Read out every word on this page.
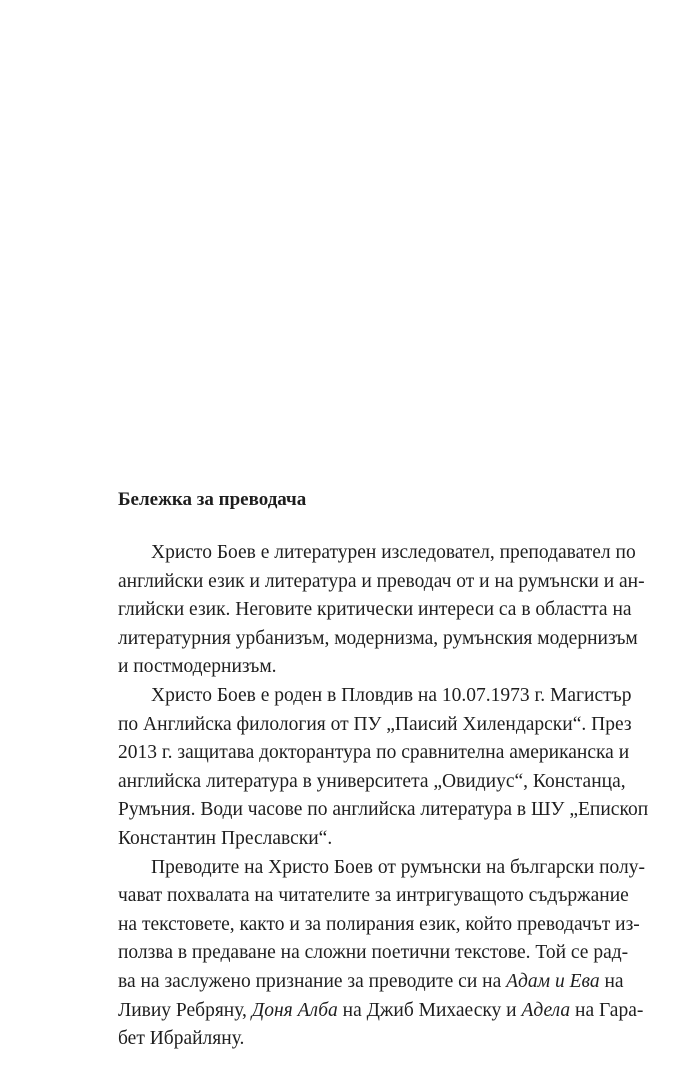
Бележка за преводача
Христо Боев е литературен изследовател, преподавател по
английски език и литература и преводач от и на румънски и ан-
глийски език. Неговите критически интереси са в областта на
литературния урбанизъм, модернизма, румънския модернизъм
и постмодернизъм.
Христо Боев е роден в Пловдив на 10.07.1973 г. Магистър
по Английска филология от ПУ „Паисий Хилендарски“. През
2013 г. защитава докторантура по сравнителна американска и
английска литература в университета „Овидиус“, Констанца,
Румъния. Води часове по английска литература в ШУ „Епископ
Константин Преславски“.
Преводите на Христо Боев от румънски на български полу-
чават похвалата на читателите за интригуващото съдържание
на текстовете, както и за полирания език, който преводачът из-
ползва в предаване на сложни поетични текстове. Той се рад-
ва на заслужено признание за преводите си на Адам и Ева на
Ливиу Ребряну, Доня Алба на Джиб Михаеску и Адела на Гара-
бет Ибрайляну.
